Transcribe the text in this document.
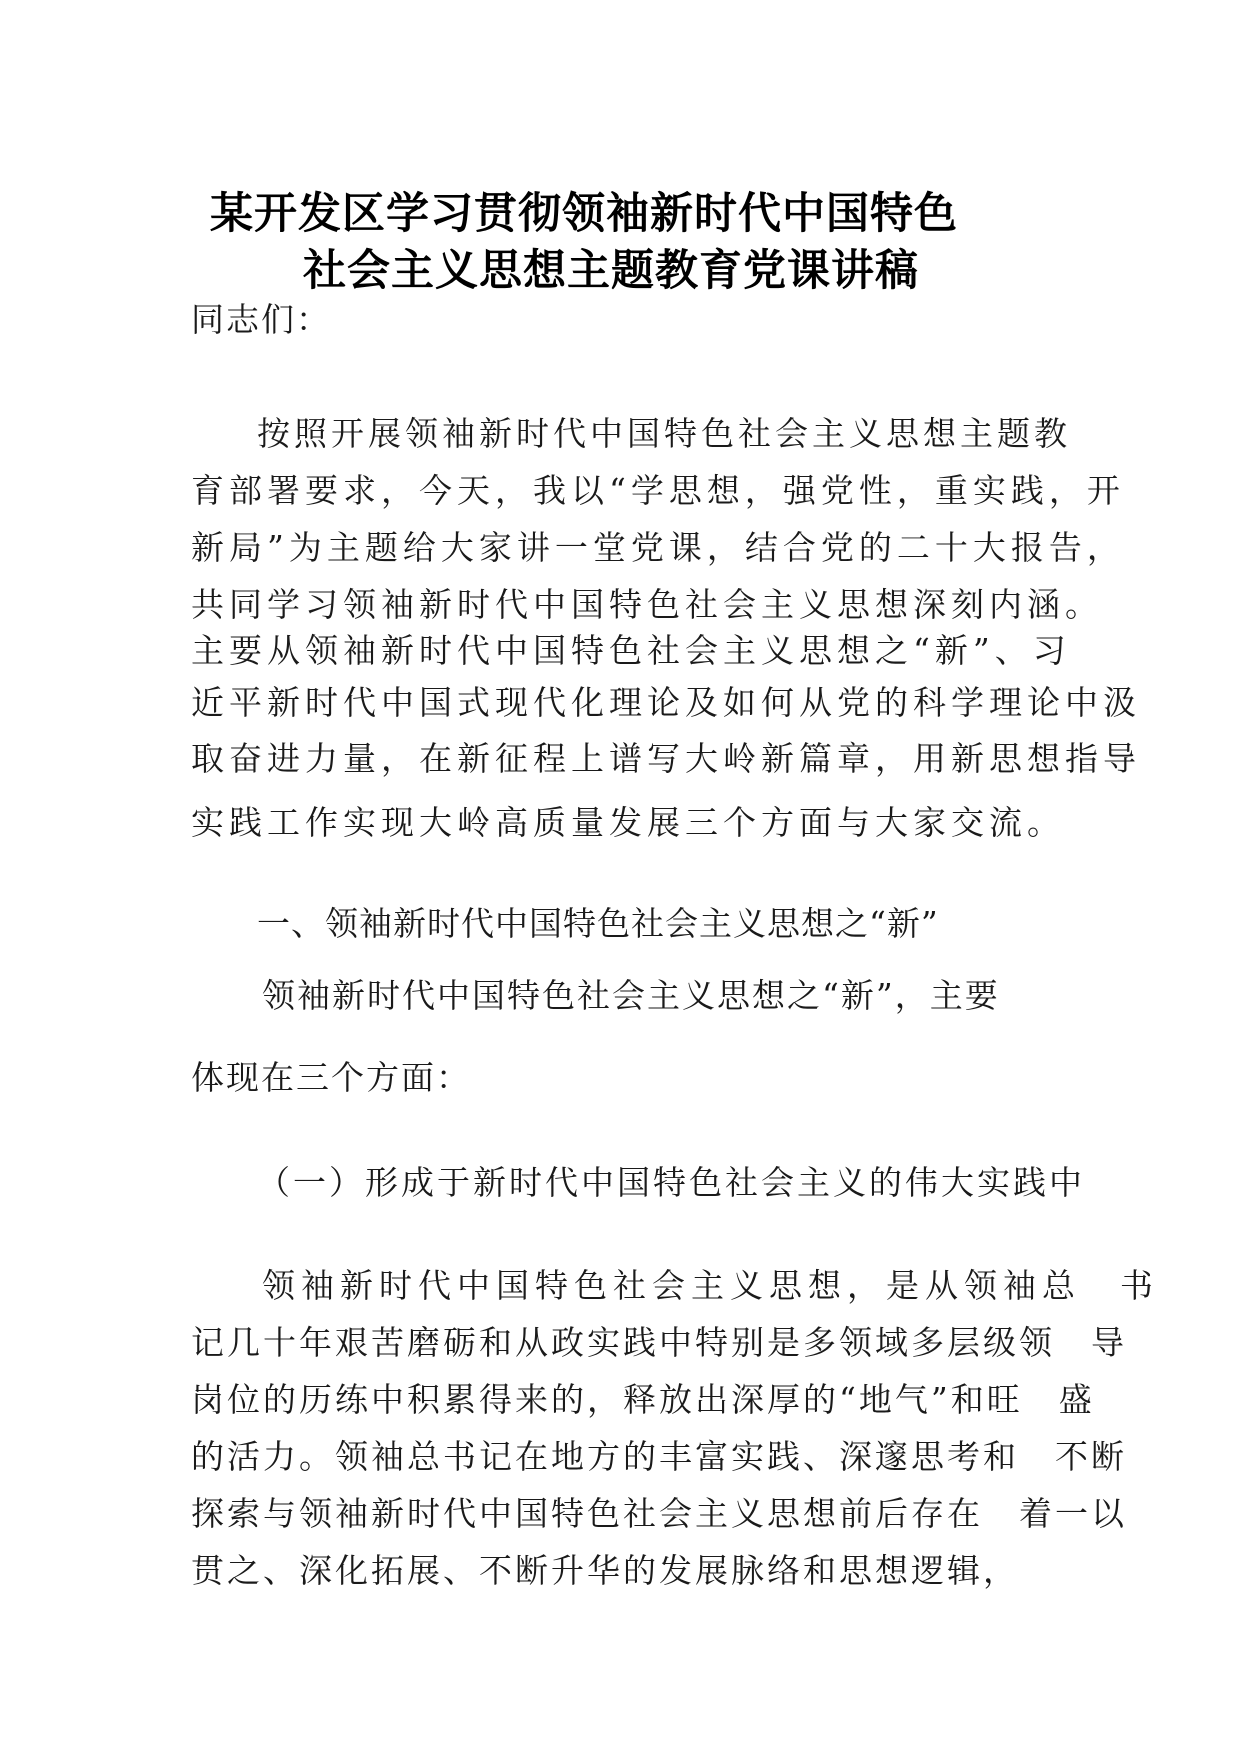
某开发区学习贯彻领袖新时代中国特色
社会主义思想主题教育党课讲稿
同志们：
按照开展领袖新时代中国特色社会主义思想主题教
育部署要求，今天，我以“学思想，强党性，重实践，开
新局”为主题给大家讲一堂党课，结合党的二十大报告，
共同学习领袖新时代中国特色社会主义思想深刻内涵。
主要从领袖新时代中国特色社会主义思想之“新”、习
近平新时代中国式现代化理论及如何从党的科学理论中汲
取奋进力量，在新征程上谱写大岭新篇章，用新思想指导
实践工作实现大岭高质量发展三个方面与大家交流。
一、领袖新时代中国特色社会主义思想之“新”
领袖新时代中国特色社会主义思想之“新”，主要
体现在三个方面：
（一）形成于新时代中国特色社会主义的伟大实践中
领袖新时代中国特色社会主义思想，是从领袖总　书
记几十年艰苦磨砺和从政实践中特别是多领域多层级领　导
岗位的历练中积累得来的，释放出深厚的“地气”和旺　盛
的活力。领袖总书记在地方的丰富实践、深邃思考和　不断
探索与领袖新时代中国特色社会主义思想前后存在　着一以
贯之、深化拓展、不断升华的发展脉络和思想逻辑，
